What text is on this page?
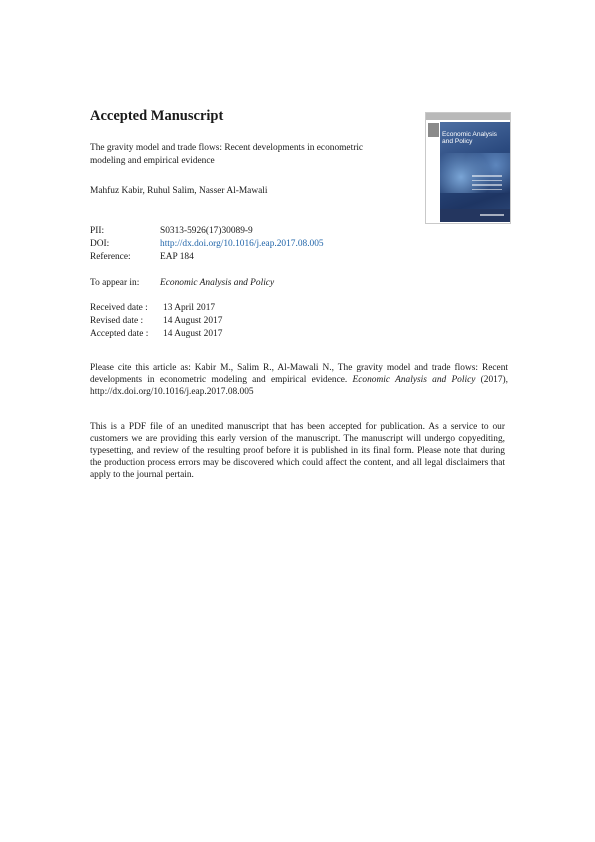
Accepted Manuscript
The gravity model and trade flows: Recent developments in econometric modeling and empirical evidence
Mahfuz Kabir, Ruhul Salim, Nasser Al-Mawali
Economic Analysis and Policy
PII:	S0313-5926(17)30089-9
DOI:	http://dx.doi.org/10.1016/j.eap.2017.08.005
Reference:	EAP 184
To appear in: Economic Analysis and Policy
Received date : 13 April 2017
Revised date : 14 August 2017
Accepted date : 14 August 2017

Please cite this article as: Kabir M., Salim R., Al-Mawali N., The gravity model and trade flows: Recent developments in econometric modeling and empirical evidence. Economic Analysis and Policy (2017), http://dx.doi.org/10.1016/j.eap.2017.08.005

This is a PDF file of an unedited manuscript that has been accepted for publication. As a service to our customers we are providing this early version of the manuscript. The manuscript will undergo copyediting, typesetting, and review of the resulting proof before it is published in its final form. Please note that during the production process errors may be discovered which could affect the content, and all legal disclaimers that apply to the journal pertain.
